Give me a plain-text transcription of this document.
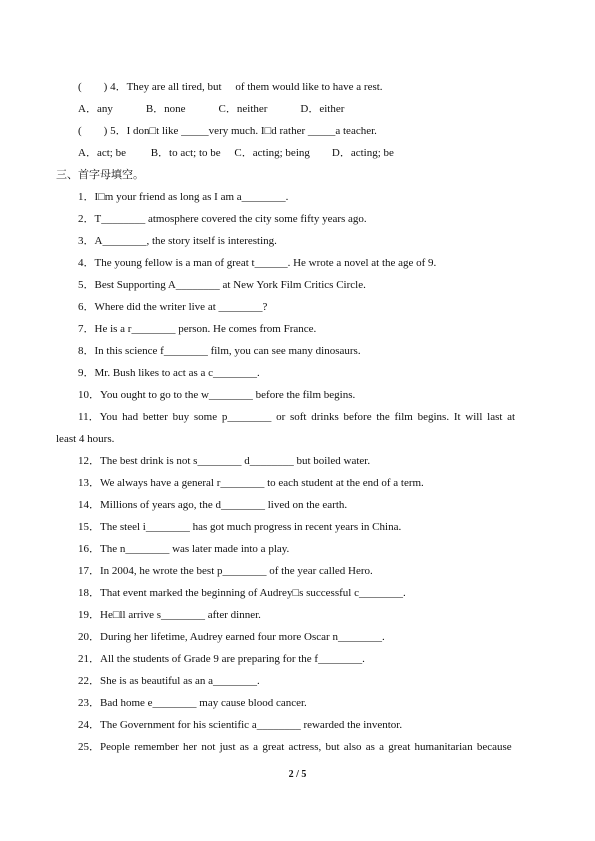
(　　) 4．They are all tired, but 　of them would like to have a rest.
A．any　　　B．none　　　C．neither　　　D．either
(　　) 5．I don□t like _____very much. I□d rather _____a teacher.
A．act; be　　 B．to act; to be　 C．acting; being　　D．acting; be
三、首字母填空。
1．I□m your friend as long as I am a________.
2．T________ atmosphere covered the city some fifty years ago.
3．A________, the story itself is interesting.
4．The young fellow is a man of great t______. He wrote a novel at the age of 9.
5．Best Supporting A________ at New York Film Critics Circle.
6．Where did the writer live at ________?
7．He is a r________ person. He comes from France.
8．In this science f________ film, you can see many dinosaurs.
9．Mr. Bush likes to act as a c________.
10．You ought to go to the w________ before the film begins.
11．You had better buy some p________ or soft drinks before the film begins. It will last at
least 4 hours.
12．The best drink is not s________ d________ but boiled water.
13．We always have a general r________ to each student at the end of a term.
14．Millions of years ago, the d________ lived on the earth.
15．The steel i________ has got much progress in recent years in China.
16．The n________ was later made into a play.
17．In 2004, he wrote the best p________ of the year called Hero.
18．That event marked the beginning of Audrey□s successful c________.
19．He□ll arrive s________ after dinner.
20．During her lifetime, Audrey earned four more Oscar n________.
21．All the students of Grade 9 are preparing for the f________.
22．She is as beautiful as an a________.
23．Bad home e________ may cause blood cancer.
24．The Government for his scientific a________ rewarded the inventor.
25．People remember her not just as a great actress, but also as a great humanitarian because
2 / 5
